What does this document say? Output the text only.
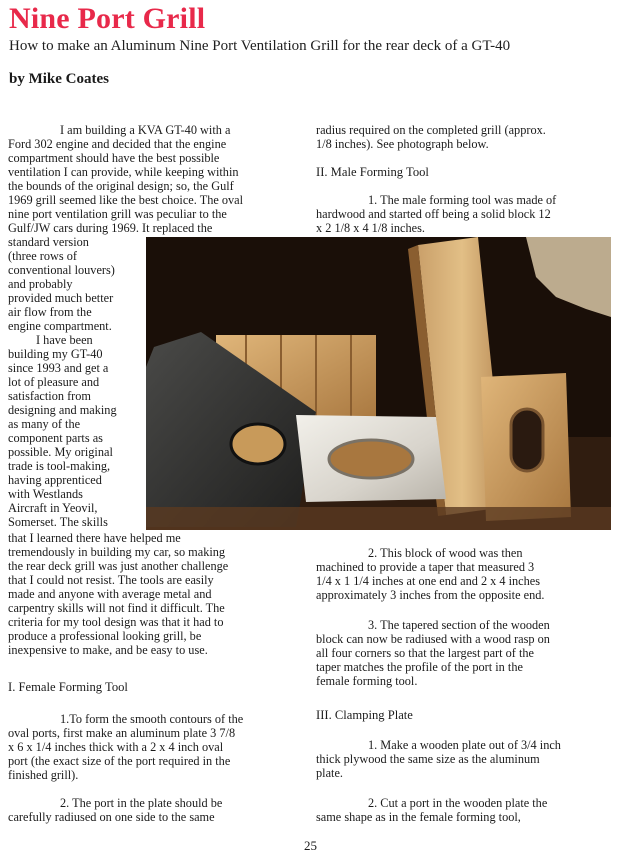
Nine Port Grill
How to make an Aluminum Nine Port Ventilation Grill for the rear deck of a GT-40
by Mike Coates
I am building a KVA GT-40 with a
Ford 302 engine and decided that the engine
compartment should have the best possible
ventilation I can provide, while keeping within
the bounds of the original design; so, the Gulf
1969 grill seemed like the best choice. The oval
nine port ventilation grill was peculiar to the
Gulf/JW cars during 1969. It replaced the
standard version
(three rows of
conventional louvers)
and probably
provided much better
air flow from the
engine compartment.
I have been
building my GT-40
since 1993 and get a
lot of pleasure and
satisfaction from
designing and making
as many of the
component parts as
possible. My original
trade is tool-making,
having apprenticed
with Westlands
Aircraft in Yeovil,
Somerset. The skills
that I learned there have helped me
tremendously in building my car, so making
the rear deck grill was just another challenge
that I could not resist. The tools are easily
made and anyone with average metal and
carpentry skills will not find it difficult. The
criteria for my tool design was that it had to
produce a professional looking grill, be
inexpensive to make, and be easy to use.
I. Female Forming Tool
1.To form the smooth contours of the
oval ports, first make an aluminum plate 3 7/8
x 6 x 1/4 inches thick with a 2 x 4 inch oval
port (the exact size of the port required in the
finished grill).
2. The port in the plate should be
carefully radiused on one side to the same
radius required on the completed grill (approx.
1/8 inches). See photograph below.
II. Male Forming Tool
1. The male forming tool was made of
hardwood and started off being a solid block 12
x 2 1/8 x 4 1/8 inches.
2. This block of wood was then
machined to provide a taper that measured 3
1/4 x 1 1/4 inches at one end and 2 x 4 inches
approximately 3 inches from the opposite end.
3. The tapered section of the wooden
block can now be radiused with a wood rasp on
all four corners so that the largest part of the
taper matches the profile of the port in the
female forming tool.
III. Clamping Plate
1. Make a wooden plate out of 3/4 inch
thick plywood the same size as the aluminum
plate.
2. Cut a port in the wooden plate the
same shape as in the female forming tool,
25
